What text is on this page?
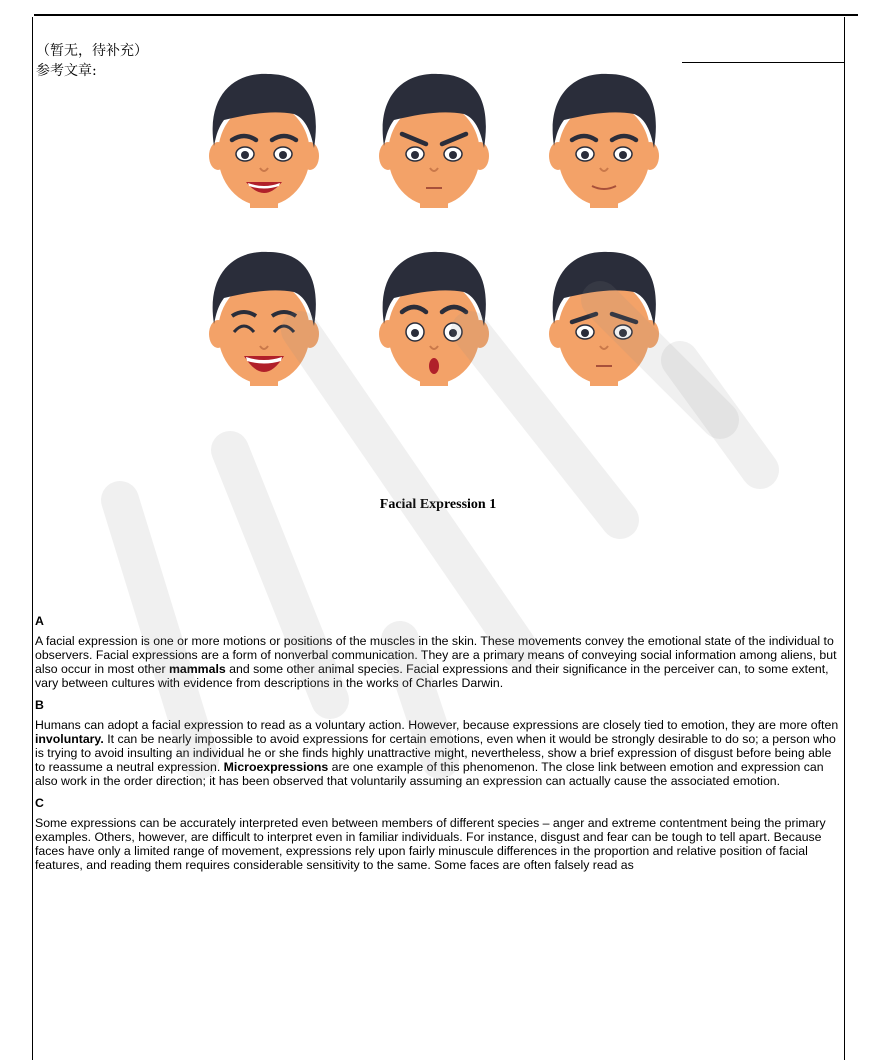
（暂无，待补充）
参考文章:
Facial Expression 1
A

A facial expression is one or more motions or positions of the muscles in the skin. These movements convey the emotional state of the individual to observers. Facial expressions are a form of nonverbal communication. They are a primary means of conveying social information among aliens, but also occur in most other mammals and some other animal species. Facial expressions and their significance in the perceiver can, to some extent, vary between cultures with evidence from descriptions in the works of Charles Darwin.

B

Humans can adopt a facial expression to read as a voluntary action. However, because expressions are closely tied to emotion, they are more often involuntary. It can be nearly impossible to avoid expressions for certain emotions, even when it would be strongly desirable to do so; a person who is trying to avoid insulting an individual he or she finds highly unattractive might, nevertheless, show a brief expression of disgust before being able to reassume a neutral expression. Microexpressions are one example of this phenomenon. The close link between emotion and expression can also work in the order direction; it has been observed that voluntarily assuming an expression can actually cause the associated emotion.

C

Some expressions can be accurately interpreted even between members of different species – anger and extreme contentment being the primary examples. Others, however, are difficult to interpret even in familiar individuals. For instance, disgust and fear can be tough to tell apart. Because faces have only a limited range of movement, expressions rely upon fairly minuscule differences in the proportion and relative position of facial features, and reading them requires considerable sensitivity to the same. Some faces are often falsely read as
